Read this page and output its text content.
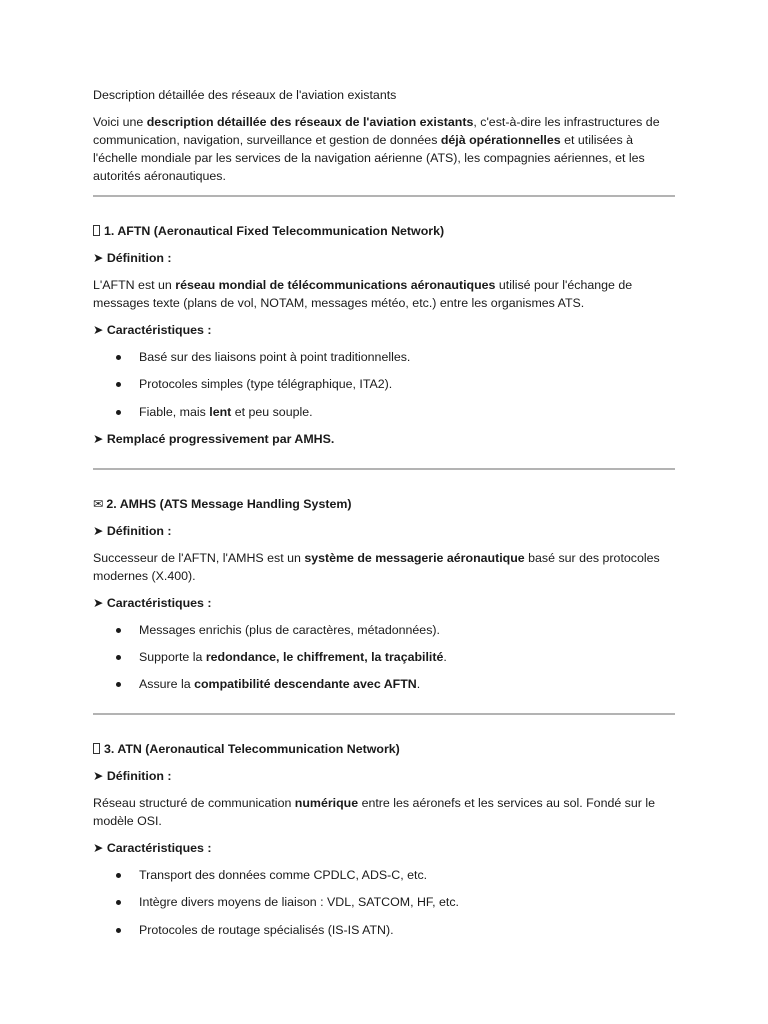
Description détaillée des réseaux de l'aviation existants

Voici une description détaillée des réseaux de l'aviation existants, c'est-à-dire les infrastructures de communication, navigation, surveillance et gestion de données déjà opérationnelles et utilisées à l'échelle mondiale par les services de la navigation aérienne (ATS), les compagnies aériennes, et les autorités aéronautiques.

1. AFTN (Aeronautical Fixed Telecommunication Network)

➤ Définition :

L'AFTN est un réseau mondial de télécommunications aéronautiques utilisé pour l'échange de messages texte (plans de vol, NOTAM, messages météo, etc.) entre les organismes ATS.

➤ Caractéristiques :

Basé sur des liaisons point à point traditionnelles.
Protocoles simples (type télégraphique, ITA2).
Fiable, mais lent et peu souple.

➤ Remplacé progressivement par AMHS.

✉ 2. AMHS (ATS Message Handling System)

➤ Définition :

Successeur de l'AFTN, l'AMHS est un système de messagerie aéronautique basé sur des protocoles modernes (X.400).

➤ Caractéristiques :

Messages enrichis (plus de caractères, métadonnées).
Supporte la redondance, le chiffrement, la traçabilité.
Assure la compatibilité descendante avec AFTN.

3. ATN (Aeronautical Telecommunication Network)

➤ Définition :

Réseau structuré de communication numérique entre les aéronefs et les services au sol. Fondé sur le modèle OSI.

➤ Caractéristiques :

Transport des données comme CPDLC, ADS-C, etc.
Intègre divers moyens de liaison : VDL, SATCOM, HF, etc.
Protocoles de routage spécialisés (IS-IS ATN).
